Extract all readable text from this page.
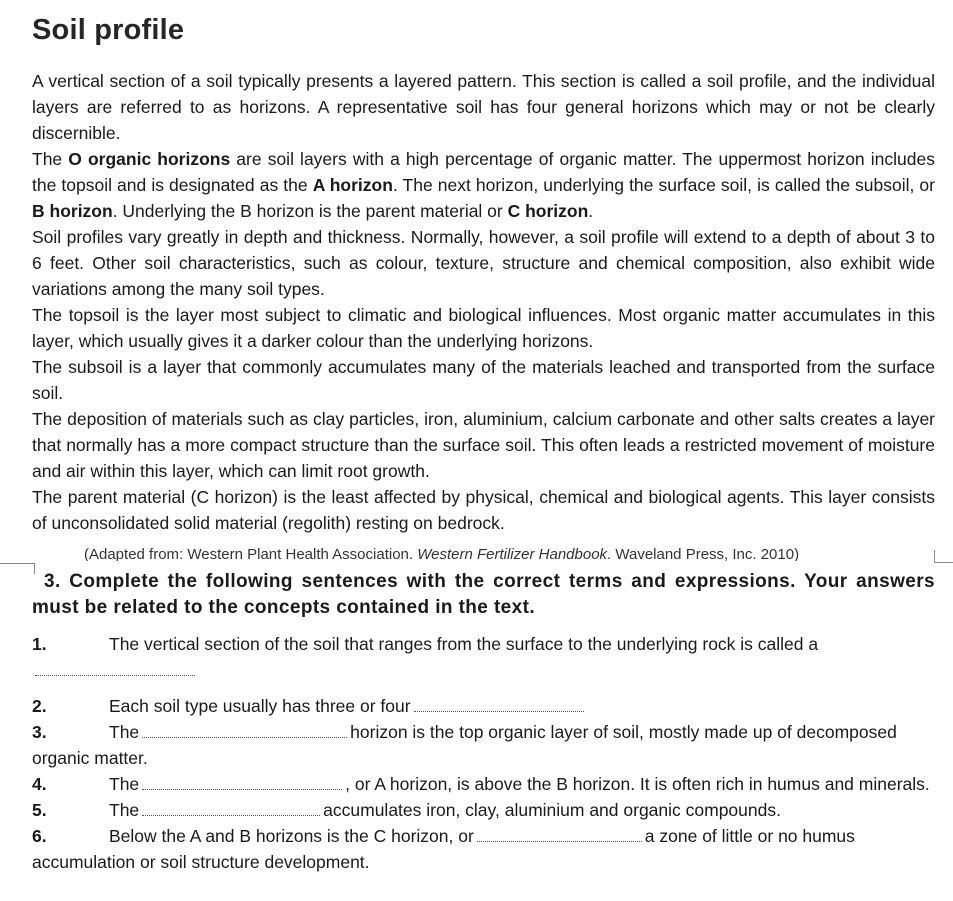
Soil profile

A vertical section of a soil typically presents a layered pattern. This section is called a soil profile, and the individual layers are referred to as horizons. A representative soil has four general horizons which may or not be clearly discernible.

The O organic horizons are soil layers with a high percentage of organic matter. The uppermost horizon includes the topsoil and is designated as the A horizon. The next horizon, underlying the surface soil, is called the subsoil, or B horizon. Underlying the B horizon is the parent material or C horizon.

Soil profiles vary greatly in depth and thickness. Normally, however, a soil profile will extend to a depth of about 3 to 6 feet. Other soil characteristics, such as colour, texture, structure and chemical composition, also exhibit wide variations among the many soil types.

The topsoil is the layer most subject to climatic and biological influences. Most organic matter accumulates in this layer, which usually gives it a darker colour than the underlying horizons.

The subsoil is a layer that commonly accumulates many of the materials leached and transported from the surface soil.

The deposition of materials such as clay particles, iron, aluminium, calcium carbonate and other salts creates a layer that normally has a more compact structure than the surface soil. This often leads a restricted movement of moisture and air within this layer, which can limit root growth.

The parent material (C horizon) is the least affected by physical, chemical and biological agents. This layer consists of unconsolidated solid material (regolith) resting on bedrock.

(Adapted from: Western Plant Health Association. Western Fertilizer Handbook. Waveland Press, Inc. 2010)
3. Complete the following sentences with the correct terms and expressions. Your answers must be related to the concepts contained in the text.
1.	The vertical section of the soil that ranges from the surface to the underlying rock is called a
2.	Each soil type usually has three or four
3.	The	horizon is the top organic layer of soil, mostly made up of decomposed organic matter.
4.	The	, or A horizon, is above the B horizon. It is often rich in humus and minerals.
5.	The	accumulates iron, clay, aluminium and organic compounds.
6.	Below the A and B horizons is the C horizon, or	a zone of little or no humus accumulation or soil structure development.
